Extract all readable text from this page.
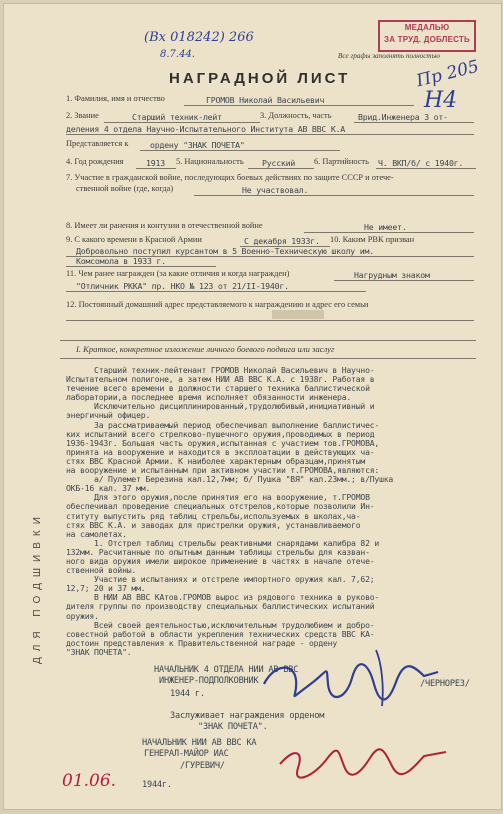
(Вх 018242) 266
8.7.44.
МЕДАЛЬЮ
ЗА ТРУД. ДОБЛЕСТЬ
Все графы заполнять полностью
Пр 205
Н4
НАГРАДНОЙ ЛИСТ
ДЛЯ ПОДШИВКИ
1. Фамилия, имя и отчество	ГРОМОВ Николай Васильевич
2. Звание	Старший техник-лейт	3. Должность, часть	Врид.Инженера 3 от-
деления 4 отдела Научно-Испытательного Института АВ ВВС К.А
Представляется к	ордену "ЗНАК ПОЧЕТА"
4. Год рождения	1913 5. Национальность Русский 6. Партийность Ч. ВКП/б/ с 1940г.
7. Участие в гражданской войне, последующих боевых действиях по защите СССР и отече-
ственной войне (где, когда)	Не участвовал.
8. Имеет ли ранения и контузии в отечественной войне	Не имеет.
9. С какого времени в Красной Армии	С декабря 1933г. 10. Каким РВК призван
Добровольно поступил курсантом в 5 Военно-Техническую школу им.
Комсомола в 1933 г.
11. Чем ранее награжден (за какие отличия и когда награжден)	Нагрудным знаком
"Отличник РККА" пр. НКО № 123 от 21/II-1940г.
12. Постоянный домашний адрес представляемого к награждению и адрес его семьи
I. Краткое, конкретное изложение личного боевого подвига или заслуг
Старший техник-лейтенант ГРОМОВ Николай Васильевич в Научно-
Испытательном полигоне, а затем НИИ АВ ВВС К.А. с 1938г. Работая в
течение всего времени в должности старшего техника баллистической
лаборатории,а последнее время исполняет обязанности инженера.
Исключительно дисциплинированный,трудолюбивый,инициативный и
энергичный офицер.
За рассматриваемый период обеспечивал выполнение баллистичес-
ких испытаний всего стрелково-пушечного оружия,проводимых в период
1936-1943г. Большая часть оружия,испытанная с участием тов.ГРОМОВА,
принята на вооружение и находится в эксплоатации в действующих ча-
стях ВВС Красной Армии. К наиболее характерным образцам,принятым
на вооружение и испытанным при активном участии т.ГРОМОВА,являются:
а/ Пулемет Березина кал.12,7мм; б/ Пушка "ВЯ" кал.23мм.; в/Пушка
ОКБ-16 кал. 37 мм.
Для этого оружия,после принятия его на вооружение, т.ГРОМОВ
обеспечивал проведение специальных отстрелов,которые позволили Ин-
ституту выпустить ряд таблиц стрельбы,используемых в школах,ча-
стях ВВС К.А. и заводах для пристрелки оружия, устанавливаемого
на самолетах.
1. Отстрел таблиц стрельбы реактивными снарядами калибра 82 и
132мм. Расчитанные по опытным данным таблицы стрельбы для казван-
ного вида оружия имели широкое применение в частях в начале отече-
ственной войны.
Участие в испытаниях и отстреле импортного оружия кал. 7,62;
12,7; 20 и 37 мм.
В НИИ АВ ВВС КАтов.ГРОМОВ вырос из рядового техника в руково-
дителя группы по производству специальных баллистических испытаний
оружия.
Всей своей деятельностью,исключительным трудолюбием и добро-
совестной работой в области укрепления технических средств ВВС КА-
достоин представления к Правительственной награде - ордену
"ЗНАК ПОЧЕТА".
НАЧАЛЬНИК 4 ОТДЕЛА НИИ АВ ВВС
ИНЖЕНЕР-ПОДПОЛКОВНИК	/ЧЕРНОРЕЗ/
1944 г.
Заслуживает награждения орденом
"ЗНАК ПОЧЕТА".
НАЧАЛЬНИК НИИ АВ ВВС КА
ГЕНЕРАЛ-МАЙОР ИАС
/ГУРЕВИЧ/
01.06.	1944г.
